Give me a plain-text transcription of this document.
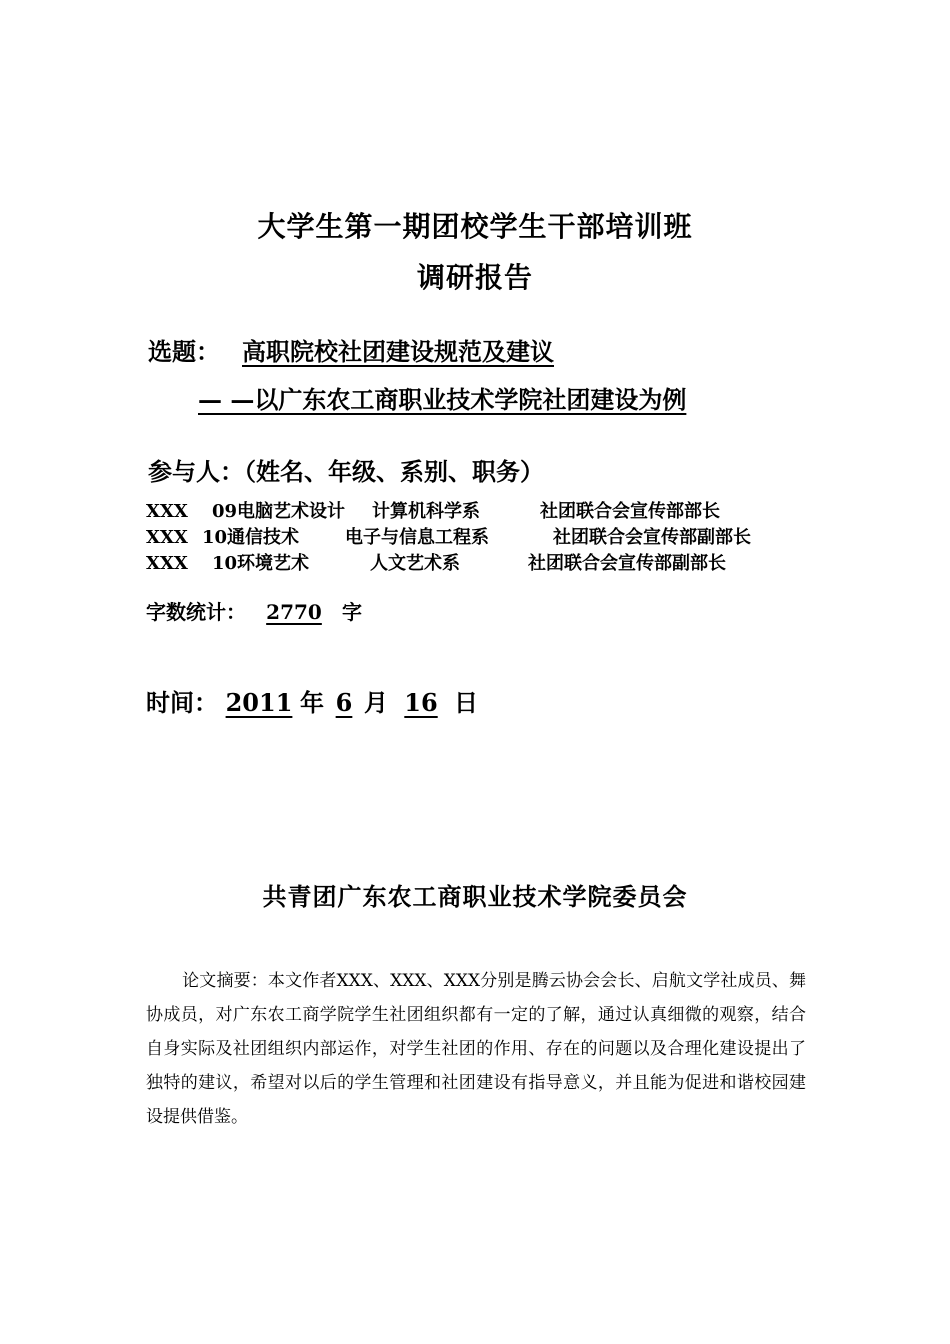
大学生第一期团校学生干部培训班
调研报告
选题： 高职院校社团建设规范及建议
— —以广东农工商职业技术学院社团建设为例
参与人：（姓名、年级、系别、职务）
XXX 09电脑艺术设计 计算机科学系	社团联合会宣传部部长
XXX 10通信技术	电子与信息工程系	社团联合会宣传部副部长
XXX 10环境艺术	人文艺术系	社团联合会宣传部副部长
字数统计： 2770 字
时间： 2011 年 6 月 16 日
共青团广东农工商职业技术学院委员会
论文摘要：本文作者XXX、XXX、XXX分别是腾云协会会长、启航文学社成员、舞协成员，对广东农工商学院学生社团组织都有一定的了解，通过认真细微的观察，结合自身实际及社团组织内部运作，对学生社团的作用、存在的问题以及合理化建设提出了独特的建议，希望对以后的学生管理和社团建设有指导意义，并且能为促进和谐校园建设提供借鉴。
